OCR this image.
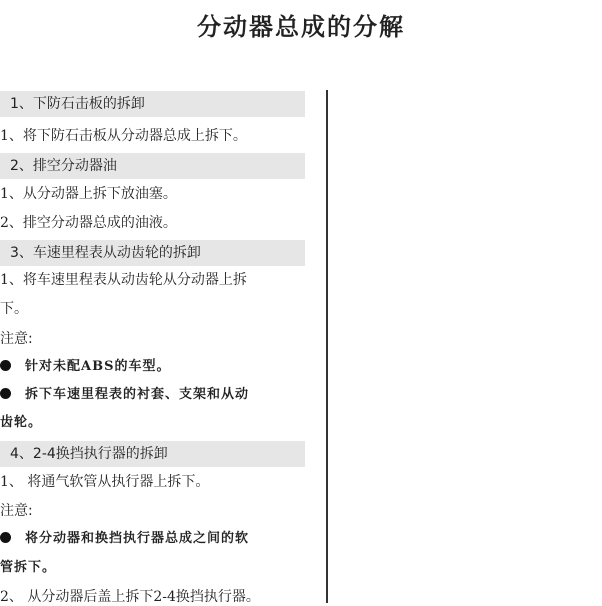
分动器总成的分解
1、下防石击板的拆卸
1、将下防石击板从分动器总成上拆下。
2、排空分动器油
1、从分动器上拆下放油塞。
2、排空分动器总成的油液。
3、车速里程表从动齿轮的拆卸
1、将车速里程表从动齿轮从分动器上拆
下。
注意:
针对未配ABS的车型。
拆下车速里程表的衬套、支架和从动
齿轮。
4、2-4换挡执行器的拆卸
1、 将通气软管从执行器上拆下。
注意:
将分动器和换挡执行器总成之间的软
管拆下。
2、 从分动器后盖上拆下2-4换挡执行器。
